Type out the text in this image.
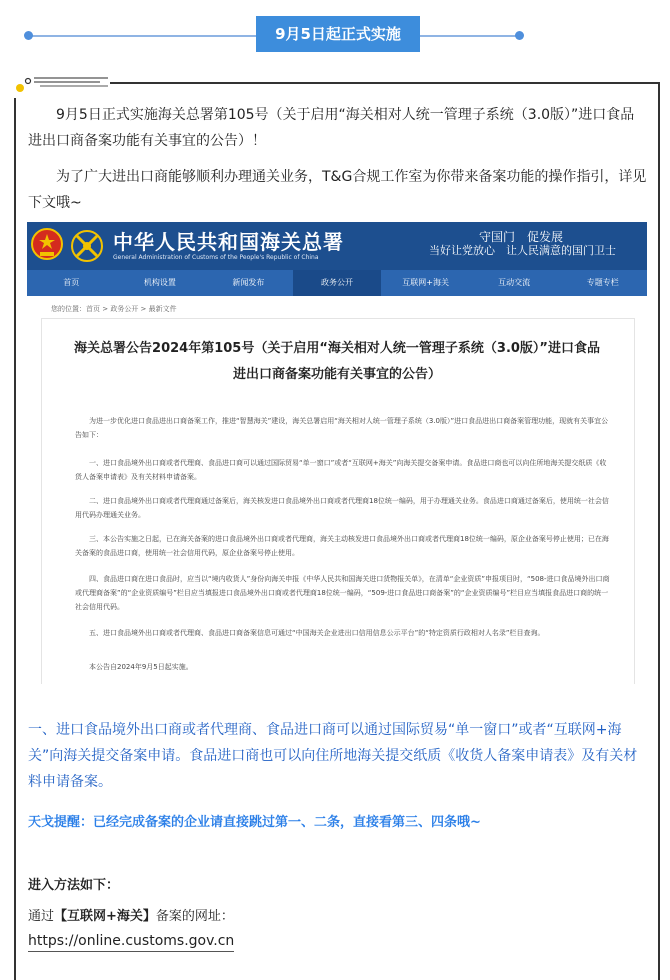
9月5日起正式实施
9月5日正式实施海关总署第105号（关于启用“海关相对人统一管理子系统（3.0版）”进口食品进出口商备案功能有关事宜的公告）！
为了广大进出口商能够顺利办理通关业务，T&G合规工作室为你带来备案功能的操作指引，详见下文哦~
中华人民共和国海关总署
General Administration of Customs of the People's Republic of China
守国门　促发展
当好让党放心　让人民满意的国门卫士
首页	机构设置	新闻发布	政务公开	互联网+海关	互动交流	专题专栏
您的位置：首页 > 政务公开 > 最新文件
海关总署公告2024年第105号（关于启用“海关相对人统一管理子系统（3.0版）”进口食品进出口商备案功能有关事宜的公告）
为进一步优化进口食品进出口商备案工作，推进“智慧海关”建设，海关总署启用“海关相对人统一管理子系统（3.0版）”进口食品进出口商备案管理功能，现就有关事宜公告如下：
一、进口食品境外出口商或者代理商、食品进口商可以通过国际贸易“单一窗口”或者“互联网+海关”向海关提交备案申请。食品进口商也可以向住所地海关提交纸质《收货人备案申请表》及有关材料申请备案。
二、进口食品境外出口商或者代理商通过备案后，海关核发进口食品境外出口商或者代理商18位统一编码，用于办理通关业务。食品进口商通过备案后，使用统一社会信用代码办理通关业务。
三、本公告实施之日起，已在海关备案的进口食品境外出口商或者代理商，海关主动核发进口食品境外出口商或者代理商18位统一编码，原企业备案号停止使用；已在海关备案的食品进口商，使用统一社会信用代码，原企业备案号停止使用。
四、食品进口商在进口食品时，应当以“境内收货人”身份向海关申报《中华人民共和国海关进口货物报关单》，在清单“企业资质”申报项目时，“508-进口食品境外出口商或代理商备案”的“企业资质编号”栏目应当填报进口食品境外出口商或者代理商18位统一编码，“509-进口食品进口商备案”的“企业资质编号”栏目应当填报食品进口商的统一社会信用代码。
五、进口食品境外出口商或者代理商、食品进口商备案信息可通过“中国海关企业进出口信用信息公示平台”的“特定资质行政相对人名录”栏目查询。
本公告自2024年9月5日起实施。
一、进口食品境外出口商或者代理商、食品进口商可以通过国际贸易“单一窗口”或者“互联网+海关”向海关提交备案申请。食品进口商也可以向住所地海关提交纸质《收货人备案申请表》及有关材料申请备案。
天戈提醒：已经完成备案的企业请直接跳过第一、二条，直接看第三、四条哦~
进入方法如下：
通过【互联网+海关】备案的网址：
https://online.customs.gov.cn
